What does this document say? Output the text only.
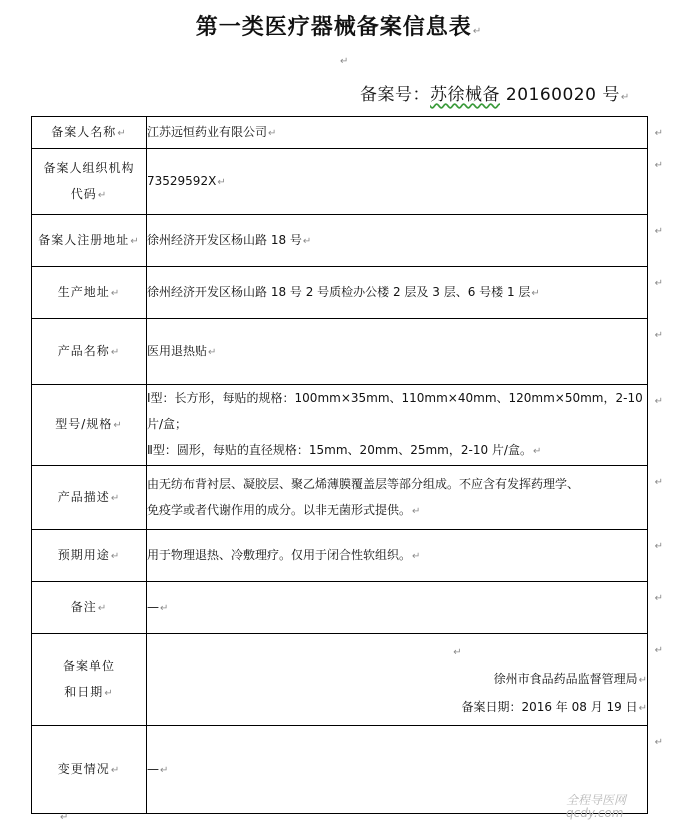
第一类医疗器械备案信息表↵
↵
备案号：苏徐械备 20160020 号↵
备案人名称↵	江苏远恒药业有限公司↵ ↵

备案人组织机构
代码↵	73529592X↵
↵

备案人注册地址↵	徐州经济开发区杨山路 18 号↵
↵

生产地址↵	徐州经济开发区杨山路 18 号 2 号质检办公楼 2 层及 3 层、6 号楼 1 层↵
↵

产品名称↵	医用退热贴↵
↵

型号/规格↵	Ⅰ型：长方形，每贴的规格：100mm×35mm、110mm×40mm、120mm×50mm，2-10
片/盒；
Ⅱ型：圆形，每贴的直径规格：15mm、20mm、25mm，2-10 片/盒。↵
↵

产品描述↵	由无纺布背衬层、凝胶层、聚乙烯薄膜覆盖层等部分组成。不应含有发挥药理学、
免疫学或者代谢作用的成分。以非无菌形式提供。↵
↵

预期用途↵	用于物理退热、冷敷理疗。仅用于闭合性软组织。↵
↵

备注↵	—↵
↵

备案单位
和日期↵	↵
徐州市食品药品监督管理局↵
备案日期：2016 年 08 月 19 日↵
↵

变更情况↵	—↵
↵
↵
全程导医网
qcdy.com
